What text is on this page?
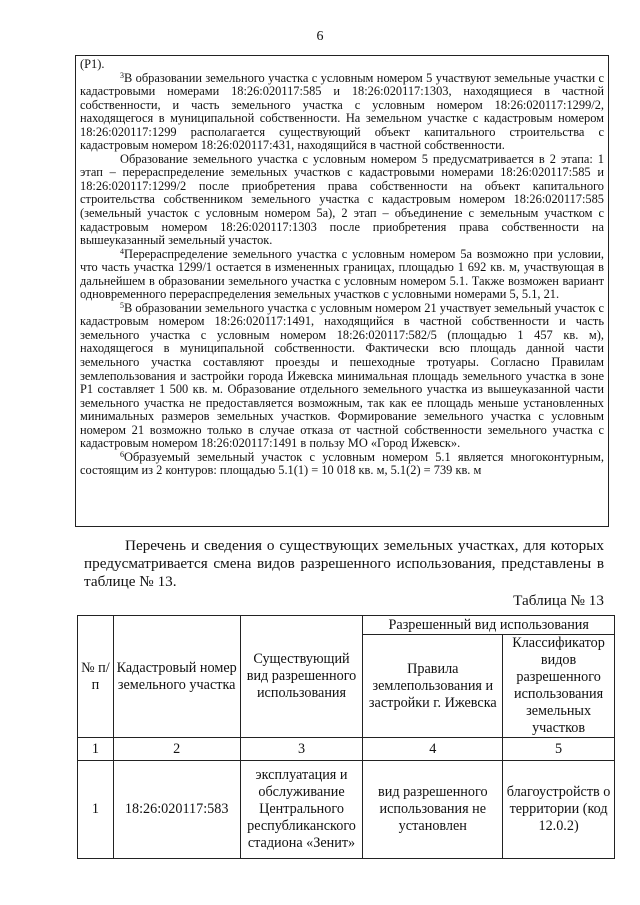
6

(Р1).

$^3$В образовании земельного участка с условным номером 5 участвуют земельные участки с кадастровыми номерами 18:26:020117:585 и 18:26:020117:1303, находящиеся в частной собственности, и часть земельного участка с условным номером 18:26:020117:1299/2, находящегося в муниципальной собственности. На земельном участке с кадастровым номером 18:26:020117:1299 располагается существующий объект капитального строительства с кадастровым номером 18:26:020117:431, находящийся в частной собственности.

Образование земельного участка с условным номером 5 предусматривается в 2 этапа: 1 этап – перераспределение земельных участков с кадастровыми номерами 18:26:020117:585 и 18:26:020117:1299/2 после приобретения права собственности на объект капитального строительства собственником земельного участка с кадастровым номером 18:26:020117:585 (земельный участок с условным номером 5а), 2 этап – объединение с земельным участком с кадастровым номером 18:26:020117:1303 после приобретения права собственности на вышеуказанный земельный участок.

$^4$Перераспределение земельного участка с условным номером 5а возможно при условии, что часть участка 1299/1 остается в измененных границах, площадью 1 692 кв. м, участвующая в дальнейшем в образовании земельного участка с условным номером 5.1. Также возможен вариант одновременного перераспределения земельных участков с условными номерами 5, 5.1, 21.

$^5$В образовании земельного участка с условным номером 21 участвует земельный участок с кадастровым номером 18:26:020117:1491, находящийся в частной собственности и часть земельного участка с условным номером 18:26:020117:582/5 (площадью 1 457 кв. м), находящегося в муниципальной собственности. Фактически всю площадь данной части земельного участка составляют проезды и пешеходные тротуары. Согласно Правилам землепользования и застройки города Ижевска минимальная площадь земельного участка в зоне Р1 составляет 1 500 кв. м. Образование отдельного земельного участка из вышеуказанной части земельного участка не предоставляется возможным, так как ее площадь меньше установленных минимальных размеров земельных участков. Формирование земельного участка с условным номером 21 возможно только в случае отказа от частной собственности земельного участка с кадастровым номером 18:26:020117:1491 в пользу МО «Город Ижевск».

$^6$Образуемый земельный участок с условным номером 5.1 является многоконтурным, состоящим из 2 контуров: площадью 5.1(1) = 10 018 кв. м, 5.1(2) = 739 кв. м

Перечень и сведения о существующих земельных участках, для которых предусматривается смена видов разрешенного использования, представлены в таблице № 13.

Таблица № 13
№ п/п	Кадастровый номер земельного участка	Существующий вид разрешенного использования	Разрешенный вид использования	
			Правила землепользования и застройки г. Ижевска	Классификатор видов разрешенного использования земельных участков
1	2	3	4	5
1	18:26:020117:583	эксплуатация и обслуживание Центрального республиканского стадиона «Зенит»	вид разрешенного использования не установлен	благоустройств о территории (код 12.0.2)
